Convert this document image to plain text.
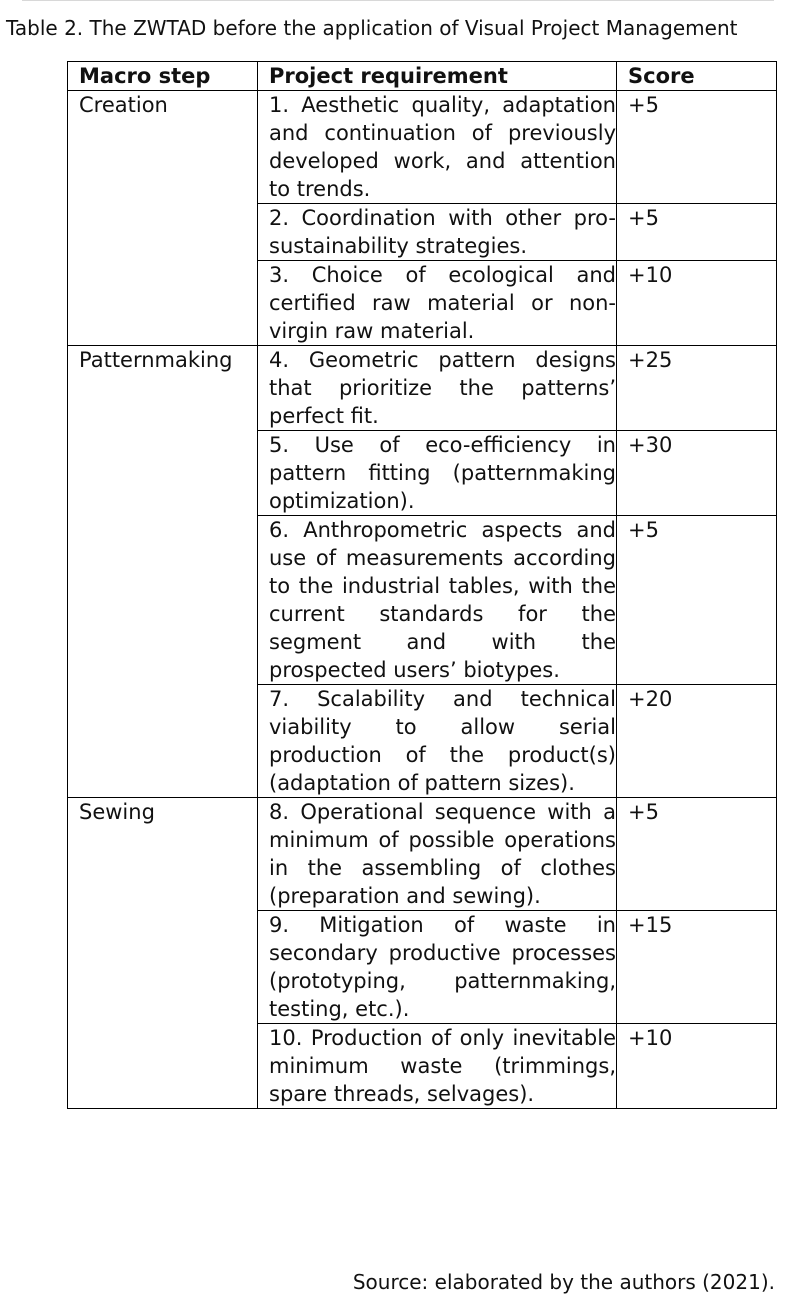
Table 2. The ZWTAD before the application of Visual Project Management
Macro step	Project requirement	Score
Creation	1. Aesthetic quality, adaptation and continuation of previously developed work, and attention to trends.	+5
	2. Coordination with other pro-sustainability strategies.	+5
	3. Choice of ecological and certified raw material or non-virgin raw material.	+10
Patternmaking	4. Geometric pattern designs that prioritize the patterns’ perfect fit.	+25
	5. Use of eco-efficiency in pattern fitting (patternmaking optimization).	+30
	6. Anthropometric aspects and use of measurements according to the industrial tables, with the current standards for the segment and with the prospected users’ biotypes.	+5
	7. Scalability and technical viability to allow serial production of the product(s) (adaptation of pattern sizes).	+20
Sewing	8. Operational sequence with a minimum of possible operations in the assembling of clothes (preparation and sewing).	+5
	9. Mitigation of waste in secondary productive processes (prototyping, patternmaking, testing, etc.).	+15
	10. Production of only inevitable minimum waste (trimmings, spare threads, selvages).	+10
Source: elaborated by the authors (2021).
